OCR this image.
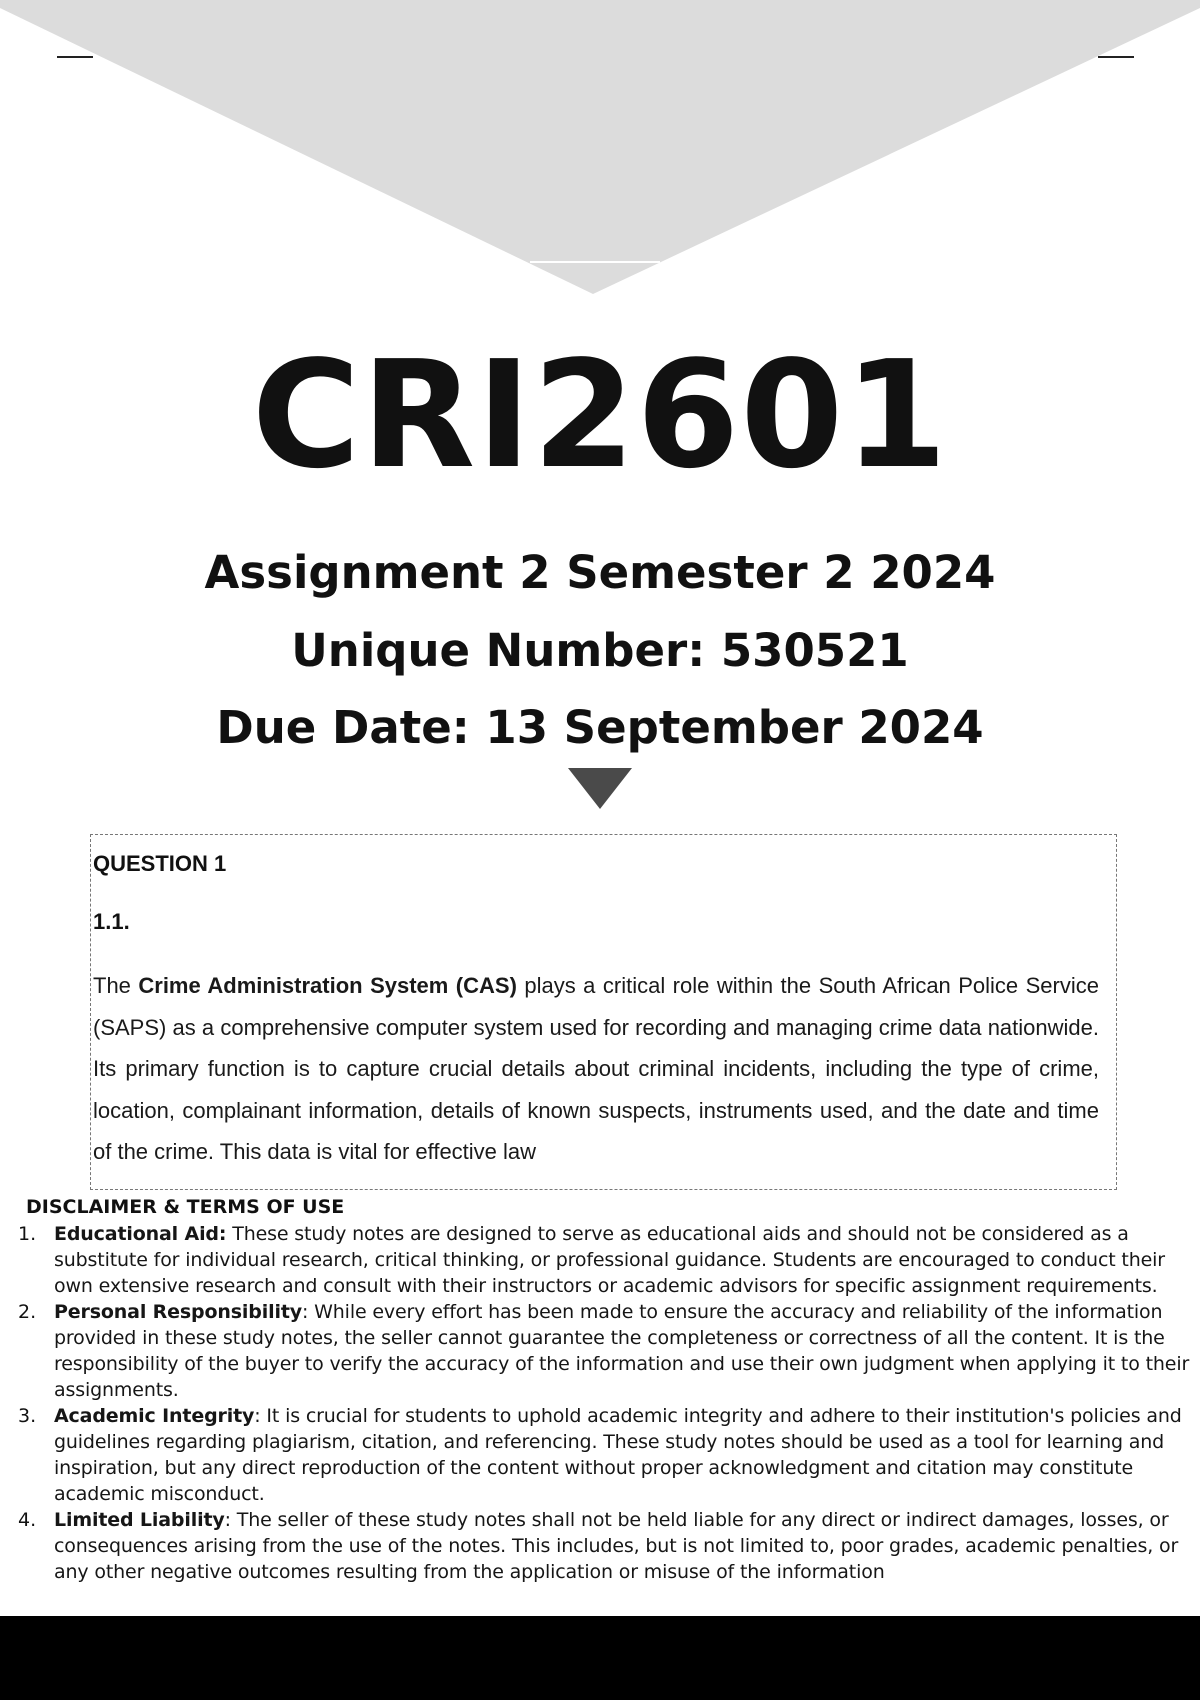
CRI2601
Assignment 2 Semester 2 2024
Unique Number: 530521
Due Date: 13 September 2024
QUESTION 1
1.1.

The Crime Administration System (CAS) plays a critical role within the South African Police Service (SAPS) as a comprehensive computer system used for recording and managing crime data nationwide. Its primary function is to capture crucial details about criminal incidents, including the type of crime, location, complainant information, details of known suspects, instruments used, and the date and time of the crime. This data is vital for effective law

DISCLAIMER & TERMS OF USE
1. Educational Aid: These study notes are designed to serve as educational aids and should not be considered as a substitute for individual research, critical thinking, or professional guidance. Students are encouraged to conduct their own extensive research and consult with their instructors or academic advisors for specific assignment requirements.
2. Personal Responsibility: While every effort has been made to ensure the accuracy and reliability of the information provided in these study notes, the seller cannot guarantee the completeness or correctness of all the content. It is the responsibility of the buyer to verify the accuracy of the information and use their own judgment when applying it to their assignments.
3. Academic Integrity: It is crucial for students to uphold academic integrity and adhere to their institution's policies and guidelines regarding plagiarism, citation, and referencing. These study notes should be used as a tool for learning and inspiration, but any direct reproduction of the content without proper acknowledgment and citation may constitute academic misconduct.
4. Limited Liability: The seller of these study notes shall not be held liable for any direct or indirect damages, losses, or consequences arising from the use of the notes. This includes, but is not limited to, poor grades, academic penalties, or any other negative outcomes resulting from the application or misuse of the information
